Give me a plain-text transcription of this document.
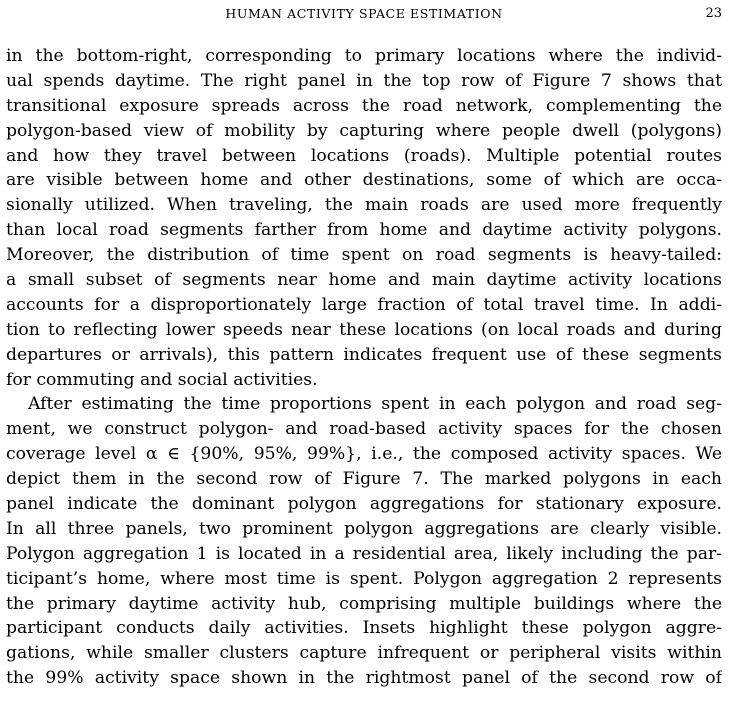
HUMAN ACTIVITY SPACE ESTIMATION	23
in the bottom-right, corresponding to primary locations where the individ-
ual spends daytime. The right panel in the top row of Figure 7 shows that
transitional exposure spreads across the road network, complementing the
polygon-based view of mobility by capturing where people dwell (polygons)
and how they travel between locations (roads). Multiple potential routes
are visible between home and other destinations, some of which are occa-
sionally utilized. When traveling, the main roads are used more frequently
than local road segments farther from home and daytime activity polygons.
Moreover, the distribution of time spent on road segments is heavy-tailed:
a small subset of segments near home and main daytime activity locations
accounts for a disproportionately large fraction of total travel time. In addi-
tion to reflecting lower speeds near these locations (on local roads and during
departures or arrivals), this pattern indicates frequent use of these segments
for commuting and social activities.
After estimating the time proportions spent in each polygon and road seg-
ment, we construct polygon- and road-based activity spaces for the chosen
coverage level α ∈ {90%, 95%, 99%}, i.e., the composed activity spaces. We
depict them in the second row of Figure 7. The marked polygons in each
panel indicate the dominant polygon aggregations for stationary exposure.
In all three panels, two prominent polygon aggregations are clearly visible.
Polygon aggregation 1 is located in a residential area, likely including the par-
ticipant’s home, where most time is spent. Polygon aggregation 2 represents
the primary daytime activity hub, comprising multiple buildings where the
participant conducts daily activities. Insets highlight these polygon aggre-
gations, while smaller clusters capture infrequent or peripheral visits within
the 99% activity space shown in the rightmost panel of the second row of
